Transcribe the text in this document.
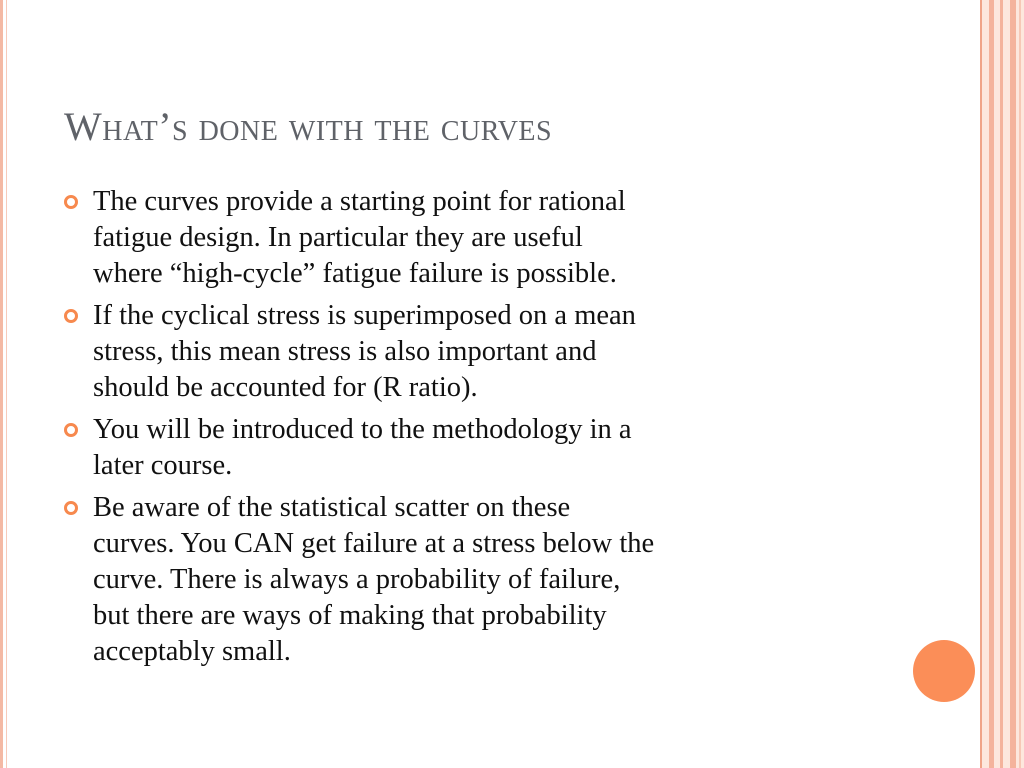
What’s done with the curves
The curves provide a starting point for rational
fatigue design. In particular they are useful
where “high-cycle” fatigue failure is possible.
If the cyclical stress is superimposed on a mean
stress, this mean stress is also important and
should be accounted for (R ratio).
You will be introduced to the methodology in a
later course.
Be aware of the statistical scatter on these
curves. You CAN get failure at a stress below the
curve. There is always a probability of failure,
but there are ways of making that probability
acceptably small.
